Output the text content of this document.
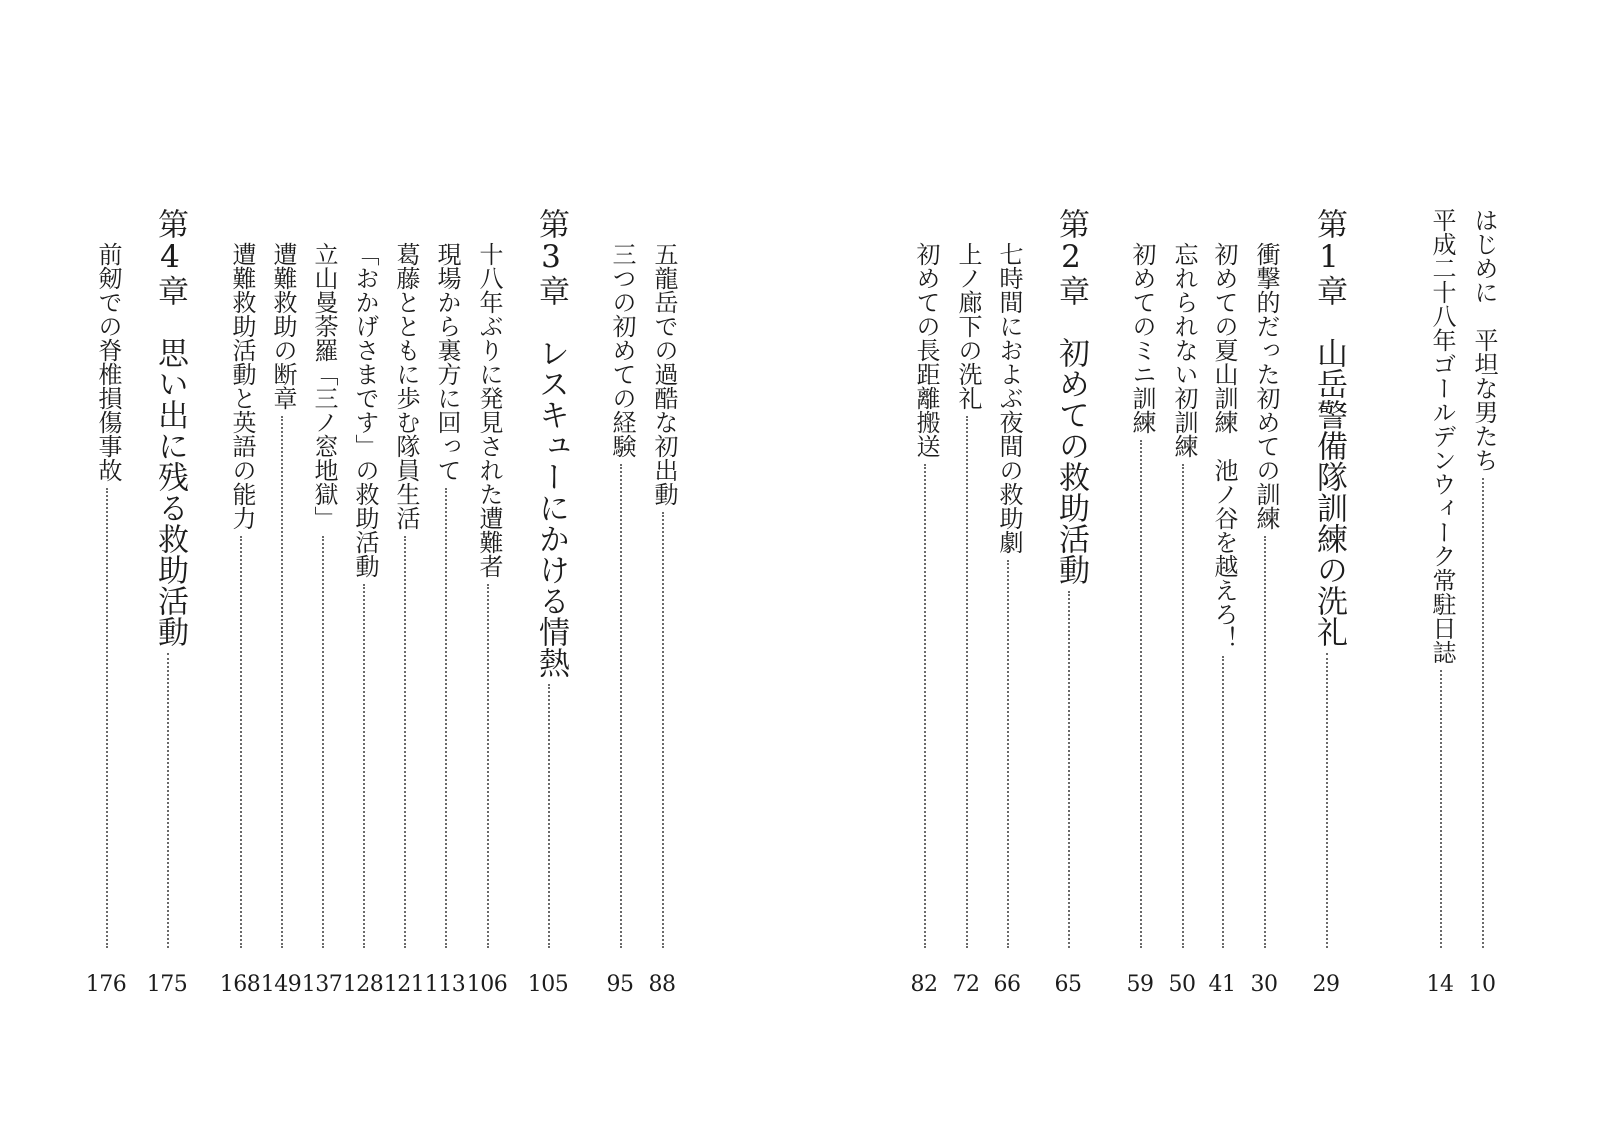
はじめに　平坦な男たち
10
平成二十八年ゴールデンウィーク常駐日誌
14
第1章　山岳警備隊訓練の洗礼
29
衝撃的だった初めての訓練
30
初めての夏山訓練　池ノ谷を越えろ！
41
忘れられない初訓練
50
初めてのミニ訓練
59
第2章　初めての救助活動
65
七時間におよぶ夜間の救助劇
66
上ノ廊下の洗礼
72
初めての長距離搬送
82
五龍岳での過酷な初出動
88
三つの初めての経験
95
第3章　レスキューにかける情熱
105
十八年ぶりに発見された遭難者
106
現場から裏方に回って
113
葛藤とともに歩む隊員生活
121
「おかげさまです」の救助活動
128
立山曼荼羅「三ノ窓地獄」
137
遭難救助の断章
149
遭難救助活動と英語の能力
168
第4章　思い出に残る救助活動
175
前剱での脊椎損傷事故
176
